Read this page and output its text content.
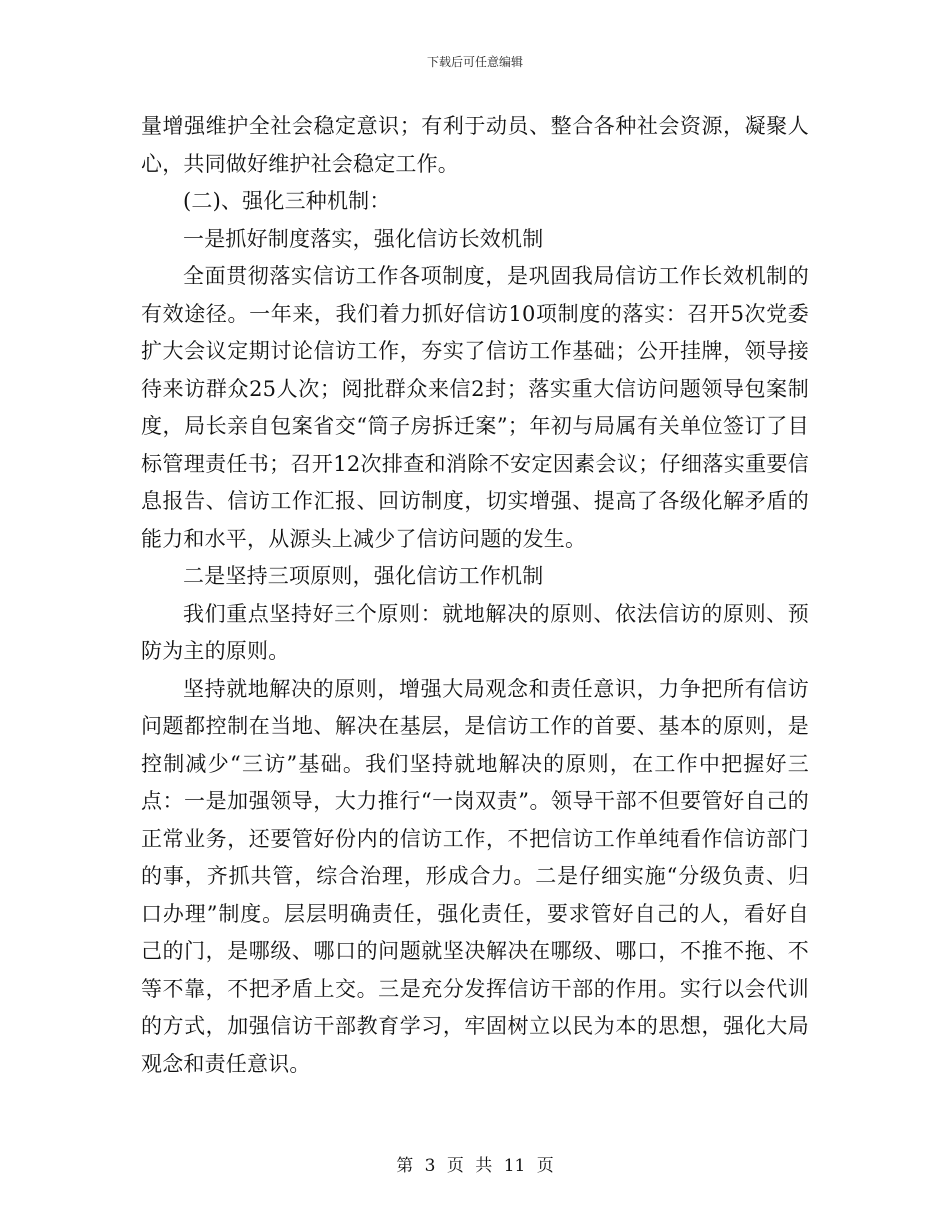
下载后可任意编辑

量增强维护全社会稳定意识；有利于动员、整合各种社会资源，凝聚人心，共同做好维护社会稳定工作。

(二)、强化三种机制：

一是抓好制度落实，强化信访长效机制

全面贯彻落实信访工作各项制度，是巩固我局信访工作长效机制的有效途径。一年来，我们着力抓好信访10项制度的落实：召开5次党委扩大会议定期讨论信访工作，夯实了信访工作基础；公开挂牌，领导接待来访群众25人次；阅批群众来信2封；落实重大信访问题领导包案制度，局长亲自包案省交“筒子房拆迁案”；年初与局属有关单位签订了目标管理责任书；召开12次排查和消除不安定因素会议；仔细落实重要信息报告、信访工作汇报、回访制度，切实增强、提高了各级化解矛盾的能力和水平，从源头上减少了信访问题的发生。

二是坚持三项原则，强化信访工作机制

我们重点坚持好三个原则：就地解决的原则、依法信访的原则、预防为主的原则。

坚持就地解决的原则，增强大局观念和责任意识，力争把所有信访问题都控制在当地、解决在基层，是信访工作的首要、基本的原则，是控制减少“三访”基础。我们坚持就地解决的原则，在工作中把握好三点：一是加强领导，大力推行“一岗双责”。领导干部不但要管好自己的正常业务，还要管好份内的信访工作，不把信访工作单纯看作信访部门的事，齐抓共管，综合治理，形成合力。二是仔细实施“分级负责、归口办理”制度。层层明确责任，强化责任，要求管好自己的人，看好自己的门，是哪级、哪口的问题就坚决解决在哪级、哪口，不推不拖、不等不靠，不把矛盾上交。三是充分发挥信访干部的作用。实行以会代训的方式，加强信访干部教育学习，牢固树立以民为本的思想，强化大局观念和责任意识。

第 3 页 共 11 页
